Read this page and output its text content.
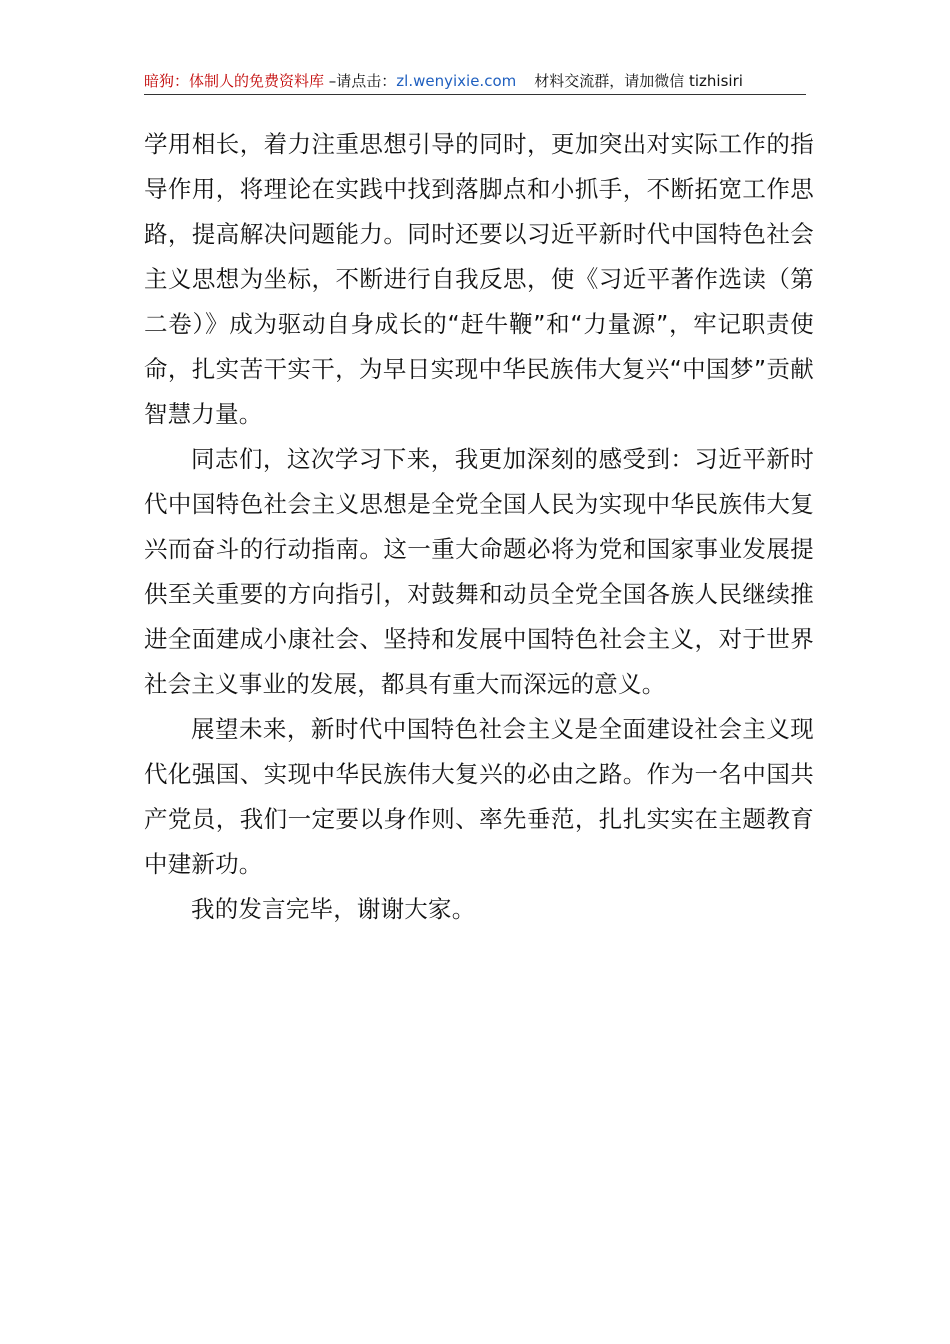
暗狗：体制人的免费资料库 –请点击：zl.wenyixie.com 材料交流群，请加微信 tizhisiri

学用相长，着力注重思想引导的同时，更加突出对实际工作的指导作用，将理论在实践中找到落脚点和小抓手，不断拓宽工作思路，提高解决问题能力。同时还要以习近平新时代中国特色社会主义思想为坐标，不断进行自我反思，使《习近平著作选读（第二卷）》成为驱动自身成长的“赶牛鞭”和“力量源”，牢记职责使命，扎实苦干实干，为早日实现中华民族伟大复兴“中国梦”贡献智慧力量。

同志们，这次学习下来，我更加深刻的感受到：习近平新时代中国特色社会主义思想是全党全国人民为实现中华民族伟大复兴而奋斗的行动指南。这一重大命题必将为党和国家事业发展提供至关重要的方向指引，对鼓舞和动员全党全国各族人民继续推进全面建成小康社会、坚持和发展中国特色社会主义，对于世界社会主义事业的发展，都具有重大而深远的意义。

展望未来，新时代中国特色社会主义是全面建设社会主义现代化强国、实现中华民族伟大复兴的必由之路。作为一名中国共产党员，我们一定要以身作则、率先垂范，扎扎实实在主题教育中建新功。

我的发言完毕，谢谢大家。
